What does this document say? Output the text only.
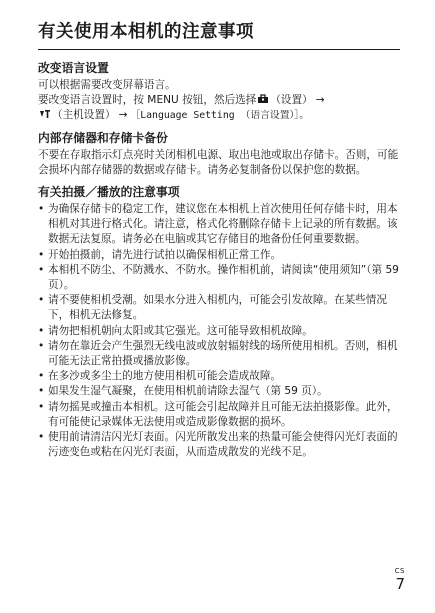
有关使用本相机的注意事项
改变语言设置

可以根据需要改变屏幕语言。

要改变语言设置时，按 MENU 按钮，然后选择 （设置） →
（主机设置） → ［Language Setting （语言设置）］。

内部存储器和存储卡备份

不要在存取指示灯点亮时关闭相机电源、取出电池或取出存储卡。否则，可能会损坏内部存储器的数据或存储卡。请务必复制备份以保护您的数据。

有关拍摄／播放的注意事项
• 为确保存储卡的稳定工作，建议您在本相机上首次使用任何存储卡时，用本相机对其进行格式化。请注意，格式化将删除存储卡上记录的所有数据。该数据无法复原。请务必在电脑或其它存储目的地备份任何重要数据。
• 开始拍摄前，请先进行试拍以确保相机正常工作。
• 本相机不防尘、不防溅水、不防水。操作相机前，请阅读“使用须知”（第 59 页）。
• 请不要使相机受潮。如果水分进入相机内，可能会引发故障。在某些情况下，相机无法修复。
• 请勿把相机朝向太阳或其它强光。这可能导致相机故障。
• 请勿在靠近会产生强烈无线电波或放射辐射线的场所使用相机。否则，相机可能无法正常拍摄或播放影像。
• 在多沙或多尘土的地方使用相机可能会造成故障。
• 如果发生湿气凝聚，在使用相机前请除去湿气（第 59 页）。
• 请勿摇晃或撞击本相机。这可能会引起故障并且可能无法拍摄影像。此外，有可能使记录媒体无法使用或造成影像数据的损坏。
• 使用前请清洁闪光灯表面。闪光所散发出来的热量可能会使得闪光灯表面的污迹变色或粘在闪光灯表面，从而造成散发的光线不足。
CS
7
